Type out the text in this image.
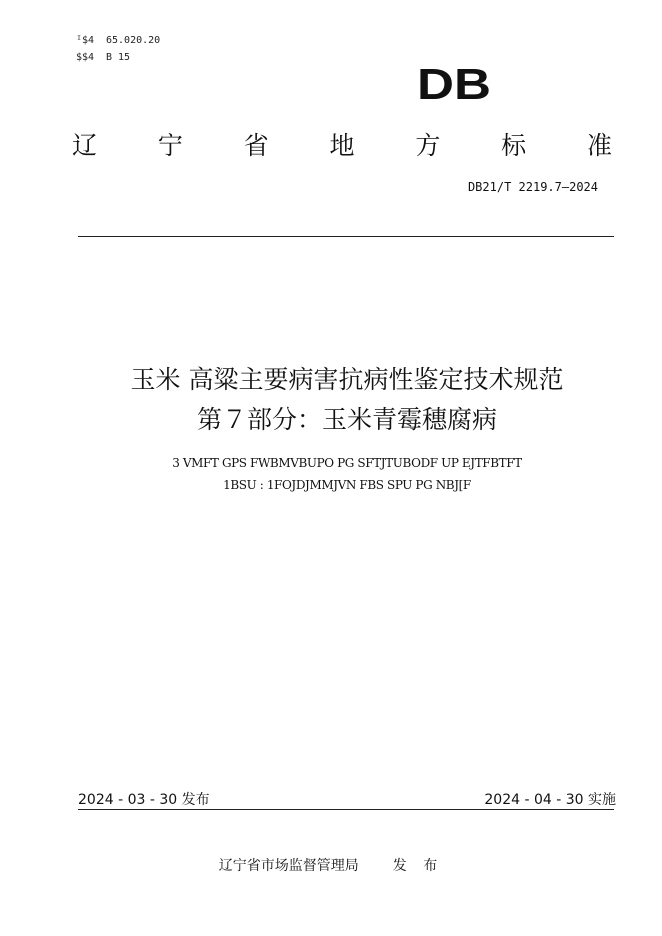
ᴵ$4 65.020.20
$$4 B 15
DB
辽 宁 省 地 方 标 准
DB21/T 2219.7—2024
玉米 高粱主要病害抗病性鉴定技术规范
第７部分：玉米青霉穗腐病
3 VMFT GPS FWBMVBUPO PG SFTJTUBODF UP EJTFBTFT
1BSU : 1FOJDJMMJVN FBS SPU PG NBJ[F
2024 - 03 - 30 发布	2024 - 04 - 30 实施
辽宁省市场监督管理局 发 布
